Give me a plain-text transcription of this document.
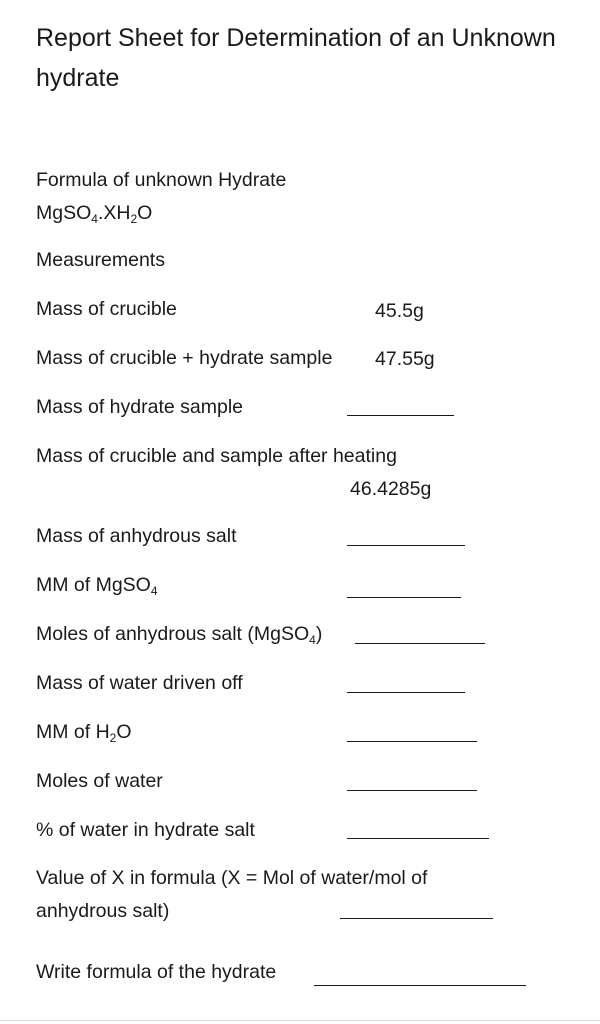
Report Sheet for Determination of an Unknown hydrate
Formula of unknown Hydrate
$MgSO_4.XH_2O$
Measurements
Mass of crucible	45.5g
Mass of crucible + hydrate sample 47.55g
Mass of hydrate sample
Mass of crucible and sample after heating
46.4285g
Mass of anhydrous salt
MM of MgSO$_4$
Moles of anhydrous salt (MgSO$_4$)
Mass of water driven off
MM of $H_2O$
Moles of water
% of water in hydrate salt
Value of X in formula (X = Mol of water/mol of
anhydrous salt)
Write formula of the hydrate
